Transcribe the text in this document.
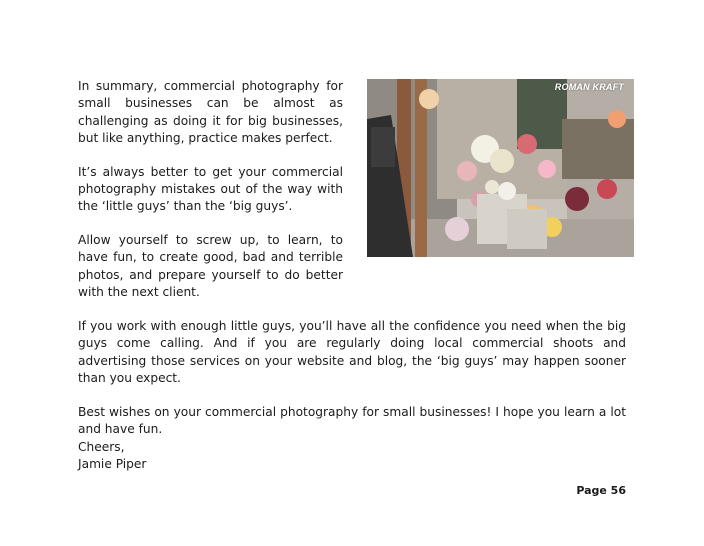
In summary, commercial photography for small businesses can be almost as challenging as doing it for big businesses, but like anything, practice makes perfect.

It’s always better to get your commercial photography mistakes out of the way with the ‘little guys’ than the ‘big guys’.

Allow yourself to screw up, to learn, to have fun, to create good, bad and terrible photos, and prepare yourself to do better with the next client.

ROMAN KRAFT

If you work with enough little guys, you’ll have all the confidence you need when the big guys come calling. And if you are regularly doing local commercial shoots and advertising those services on your website and blog, the ‘big guys’ may happen sooner than you expect.

Best wishes on your commercial photography for small businesses! I hope you learn a lot and have fun.

Cheers,
Jamie Piper
Page 56
